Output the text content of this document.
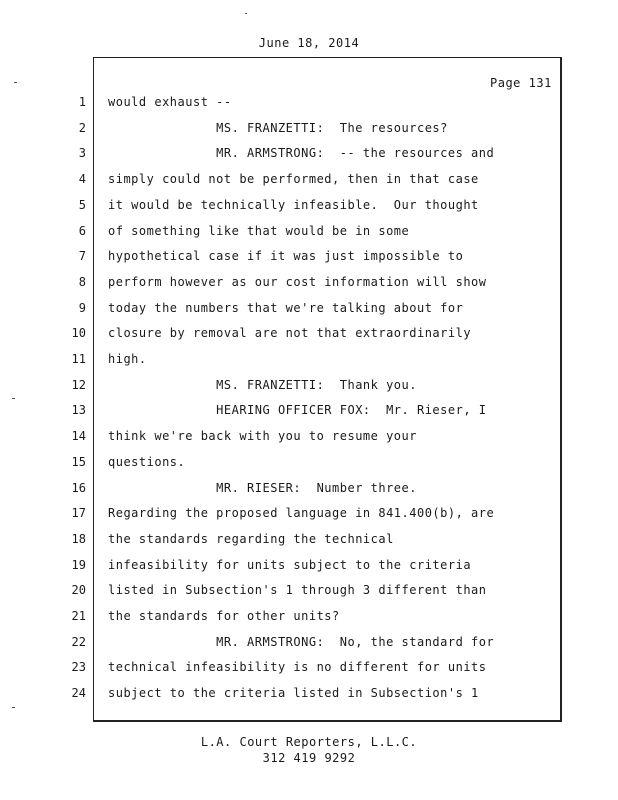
June 18, 2014
Page 131
1 would exhaust --
2 MS. FRANZETTI:  The resources?
3 MR. ARMSTRONG:  -- the resources and
4 simply could not be performed, then in that case
5 it would be technically infeasible.  Our thought
6 of something like that would be in some
7 hypothetical case if it was just impossible to
8 perform however as our cost information will show
9 today the numbers that we're talking about for
10 closure by removal are not that extraordinarily
11 high.
12 MS. FRANZETTI:  Thank you.
13 HEARING OFFICER FOX:  Mr. Rieser, I
14 think we're back with you to resume your
15 questions.
16 MR. RIESER:  Number three.
17 Regarding the proposed language in 841.400(b), are
18 the standards regarding the technical
19 infeasibility for units subject to the criteria
20 listed in Subsection's 1 through 3 different than
21 the standards for other units?
22 MR. ARMSTRONG:  No, the standard for
23 technical infeasibility is no different for units
24 subject to the criteria listed in Subsection's 1
L.A. Court Reporters, L.L.C.
312 419 9292
